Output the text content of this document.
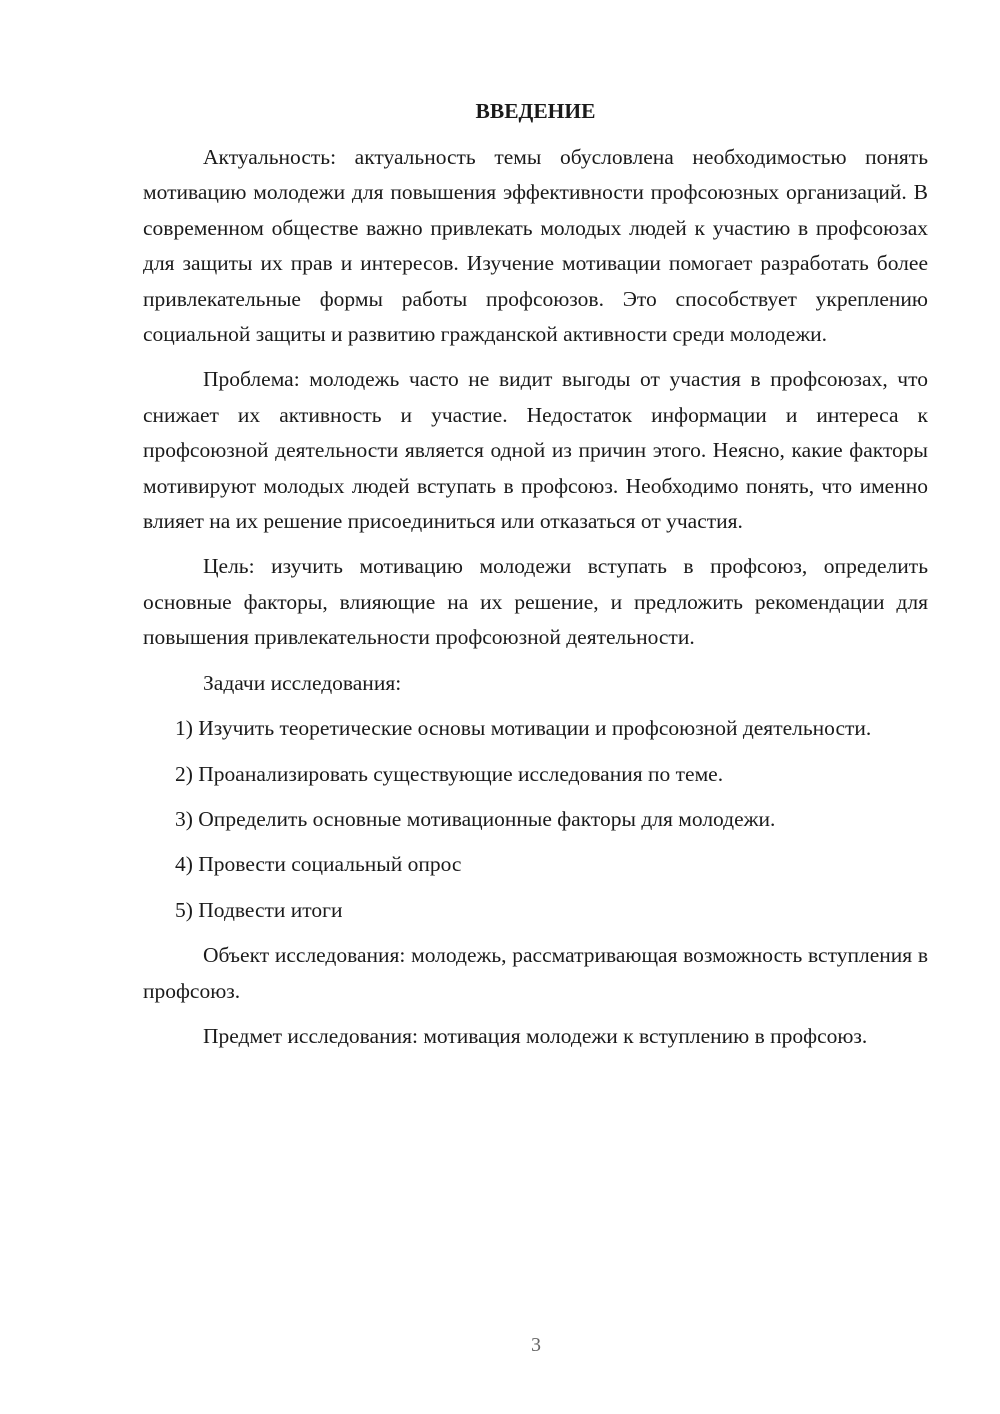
ВВЕДЕНИЕ

Актуальность: актуальность темы обусловлена необходимостью понять мотивацию молодежи для повышения эффективности профсоюзных организаций. В современном обществе важно привлекать молодых людей к участию в профсоюзах для защиты их прав и интересов. Изучение мотивации помогает разработать более привлекательные формы работы профсоюзов. Это способствует укреплению социальной защиты и развитию гражданской активности среди молодежи.

Проблема: молодежь часто не видит выгоды от участия в профсоюзах, что снижает их активность и участие. Недостаток информации и интереса к профсоюзной деятельности является одной из причин этого. Неясно, какие факторы мотивируют молодых людей вступать в профсоюз. Необходимо понять, что именно влияет на их решение присоединиться или отказаться от участия.

Цель: изучить мотивацию молодежи вступать в профсоюз, определить основные факторы, влияющие на их решение, и предложить рекомендации для повышения привлекательности профсоюзной деятельности.

Задачи исследования:

1) Изучить теоретические основы мотивации и профсоюзной деятельности.

2) Проанализировать существующие исследования по теме.

3) Определить основные мотивационные факторы для молодежи.

4) Провести социальный опрос

5) Подвести итоги

Объект исследования: молодежь, рассматривающая возможность вступления в профсоюз.

Предмет исследования: мотивация молодежи к вступлению в профсоюз.

3
